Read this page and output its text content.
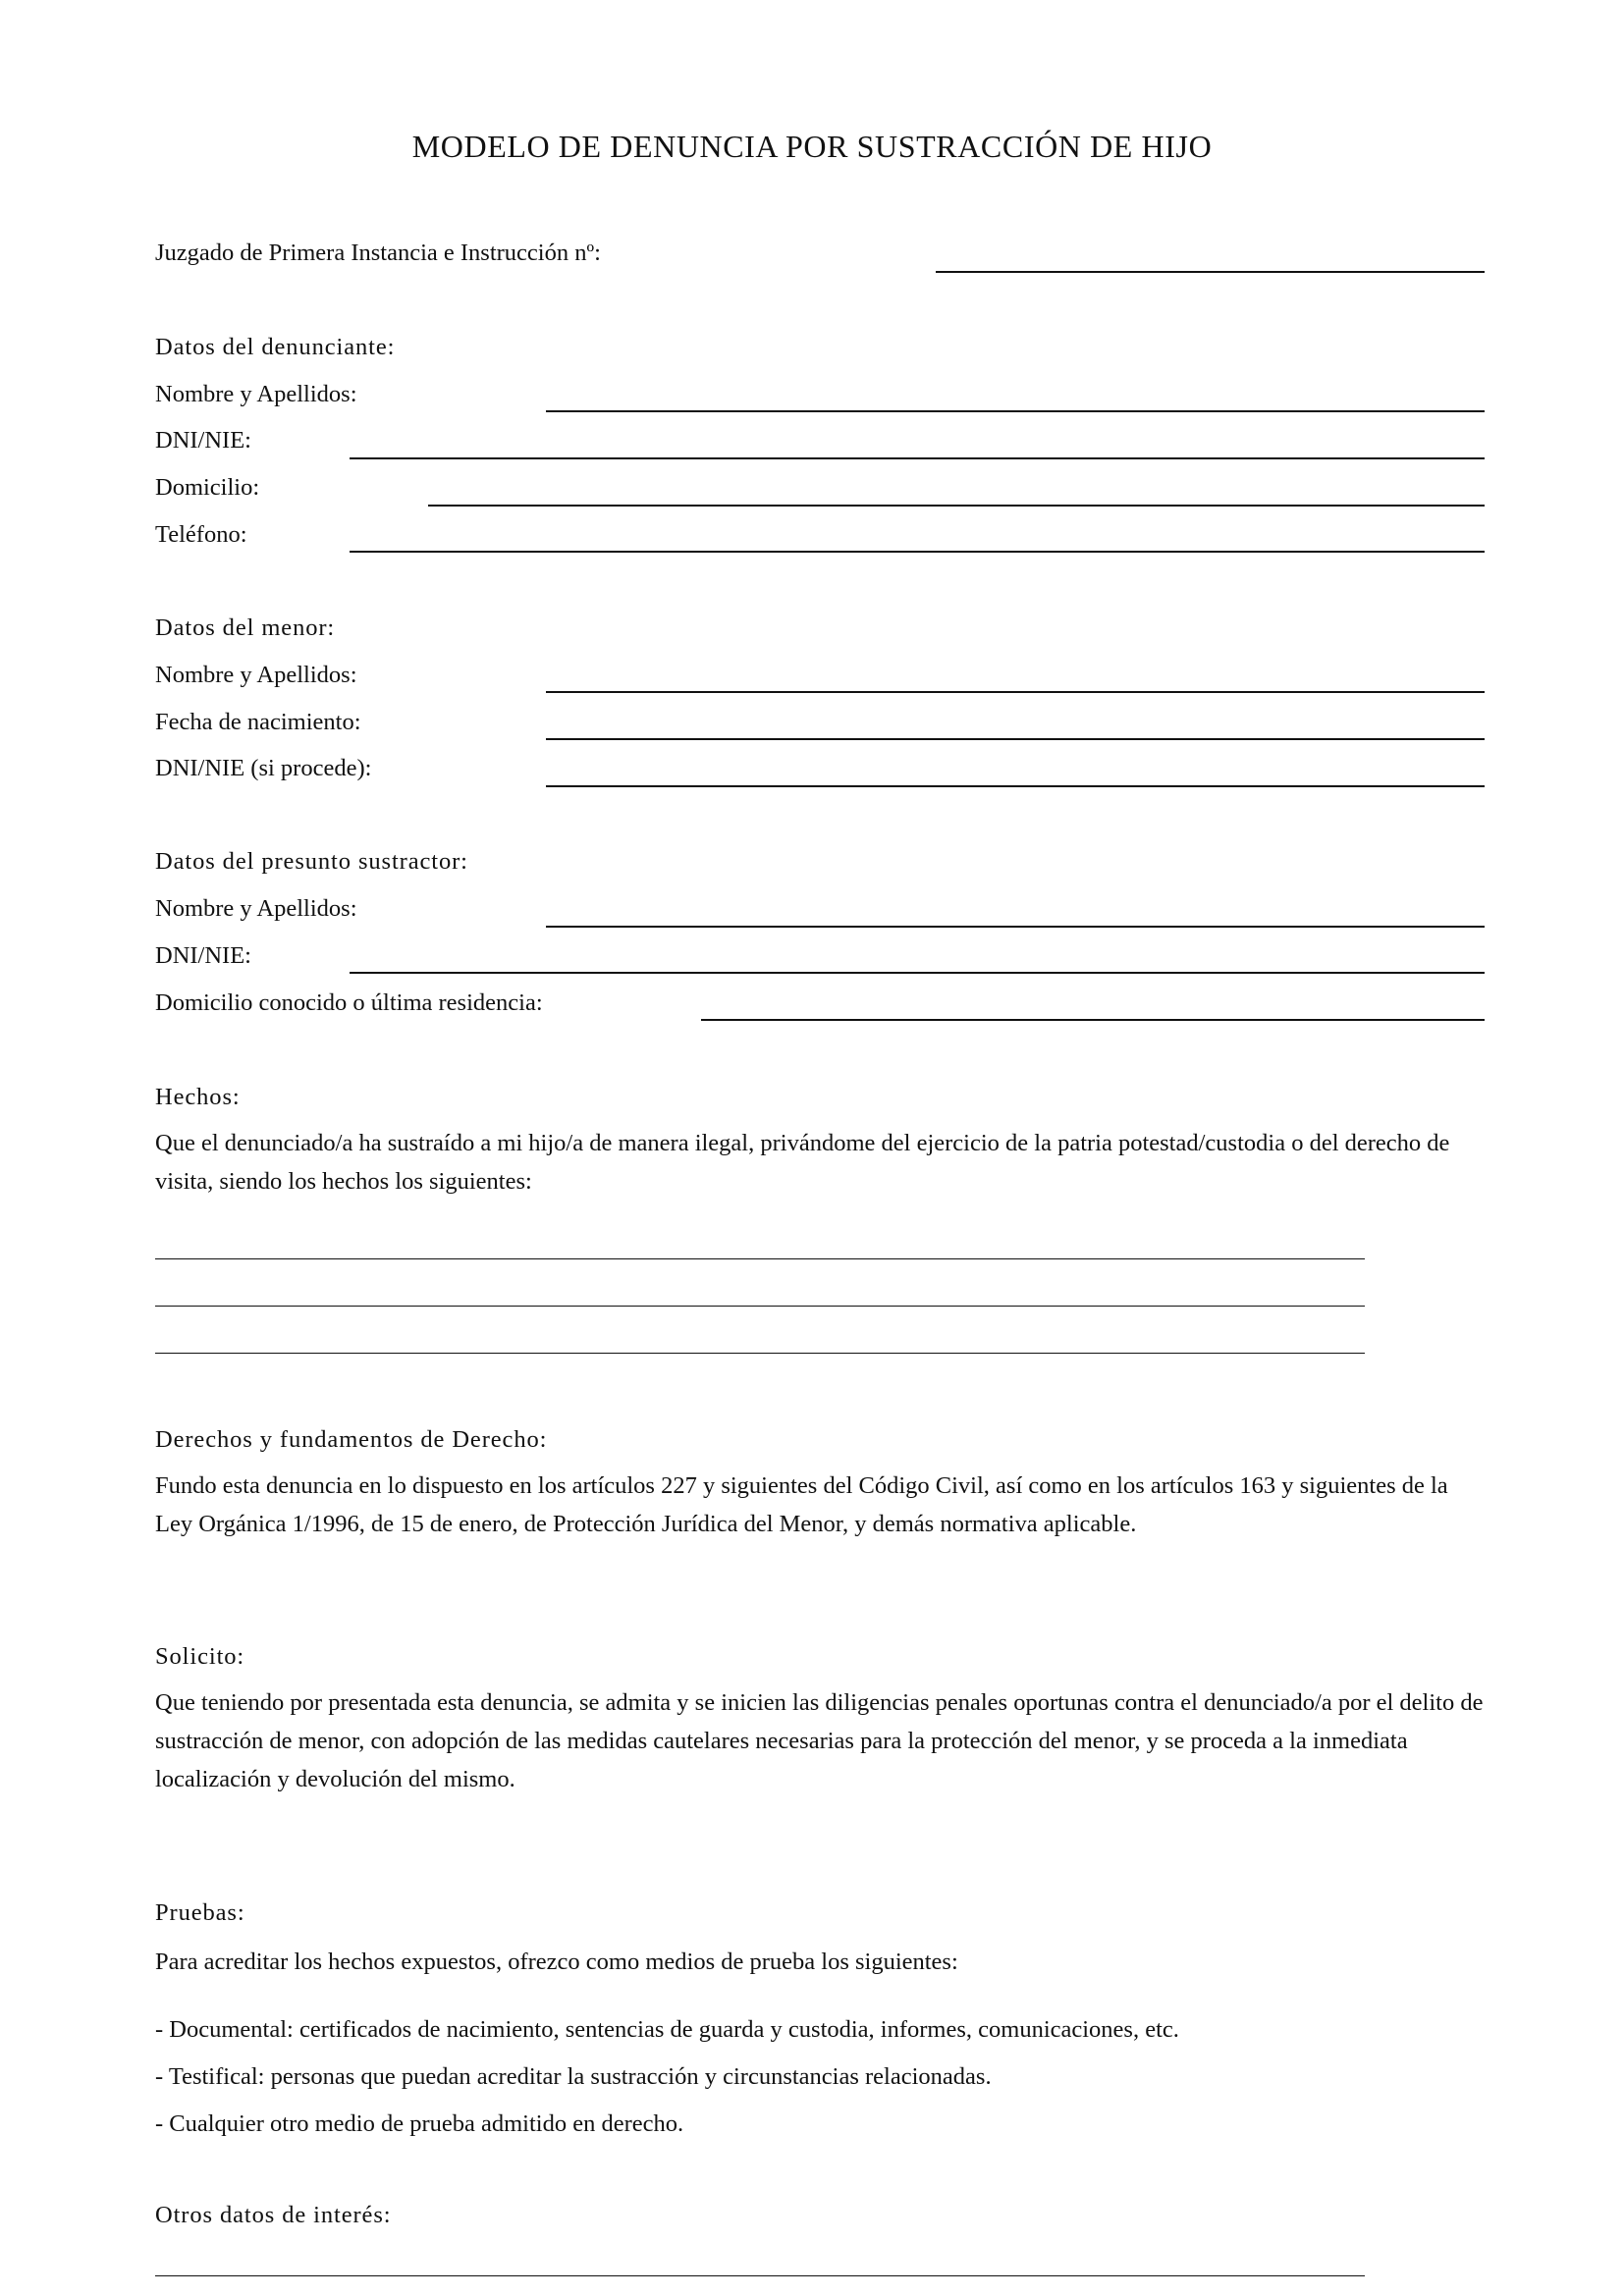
MODELO DE DENUNCIA POR SUSTRACCIÓN DE HIJO
Juzgado de Primera Instancia e Instrucción nº:
Datos del denunciante:
Nombre y Apellidos:
DNI/NIE:
Domicilio:
Teléfono:
Datos del menor:
Nombre y Apellidos:
Fecha de nacimiento:
DNI/NIE (si procede):
Datos del presunto sustractor:
Nombre y Apellidos:
DNI/NIE:
Domicilio conocido o última residencia:
Hechos:
Que el denunciado/a ha sustraído a mi hijo/a de manera ilegal, privándome del ejercicio de la patria potestad/custodia o del derecho de visita, siendo los hechos los siguientes:
Derechos y fundamentos de Derecho:
Fundo esta denuncia en lo dispuesto en los artículos 227 y siguientes del Código Civil, así como en los artículos 163 y siguientes de la Ley Orgánica 1/1996, de 15 de enero, de Protección Jurídica del Menor, y demás normativa aplicable.
Solicito:
Que teniendo por presentada esta denuncia, se admita y se inicien las diligencias penales oportunas contra el denunciado/a por el delito de sustracción de menor, con adopción de las medidas cautelares necesarias para la protección del menor, y se proceda a la inmediata localización y devolución del mismo.
Pruebas:
Para acreditar los hechos expuestos, ofrezco como medios de prueba los siguientes:
- Documental: certificados de nacimiento, sentencias de guarda y custodia, informes, comunicaciones, etc.
- Testifical: personas que puedan acreditar la sustracción y circunstancias relacionadas.
- Cualquier otro medio de prueba admitido en derecho.
Otros datos de interés:
